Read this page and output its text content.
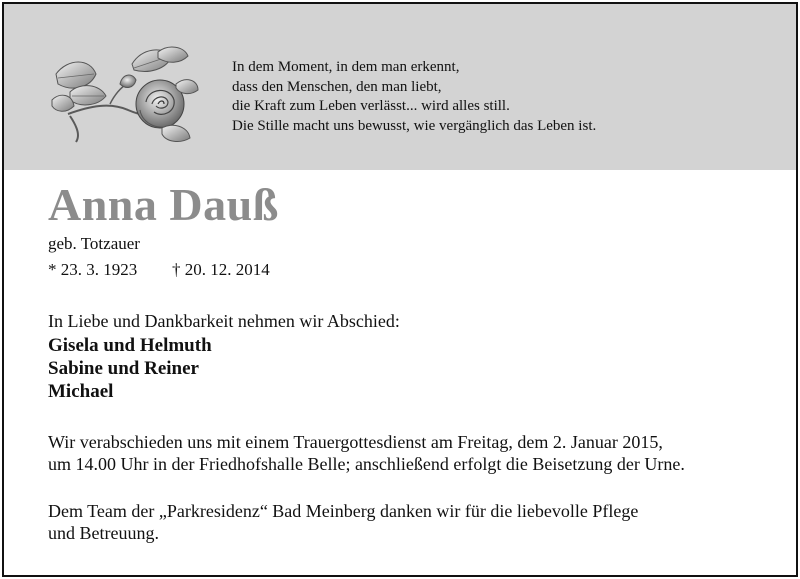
In dem Moment, in dem man erkennt,
dass den Menschen, den man liebt,
die Kraft zum Leben verlässt... wird alles still.
Die Stille macht uns bewusst, wie vergänglich das Leben ist.
Anna Dauß
geb. Totzauer
* 23. 3. 1923 † 20. 12. 2014
In Liebe und Dankbarkeit nehmen wir Abschied:
Gisela und Helmuth
Sabine und Reiner
Michael
Wir verabschieden uns mit einem Trauergottesdienst am Freitag, dem 2. Januar 2015,
um 14.00 Uhr in der Friedhofshalle Belle; anschließend erfolgt die Beisetzung der Urne.
Dem Team der „Parkresidenz“ Bad Meinberg danken wir für die liebevolle Pflege
und Betreuung.
